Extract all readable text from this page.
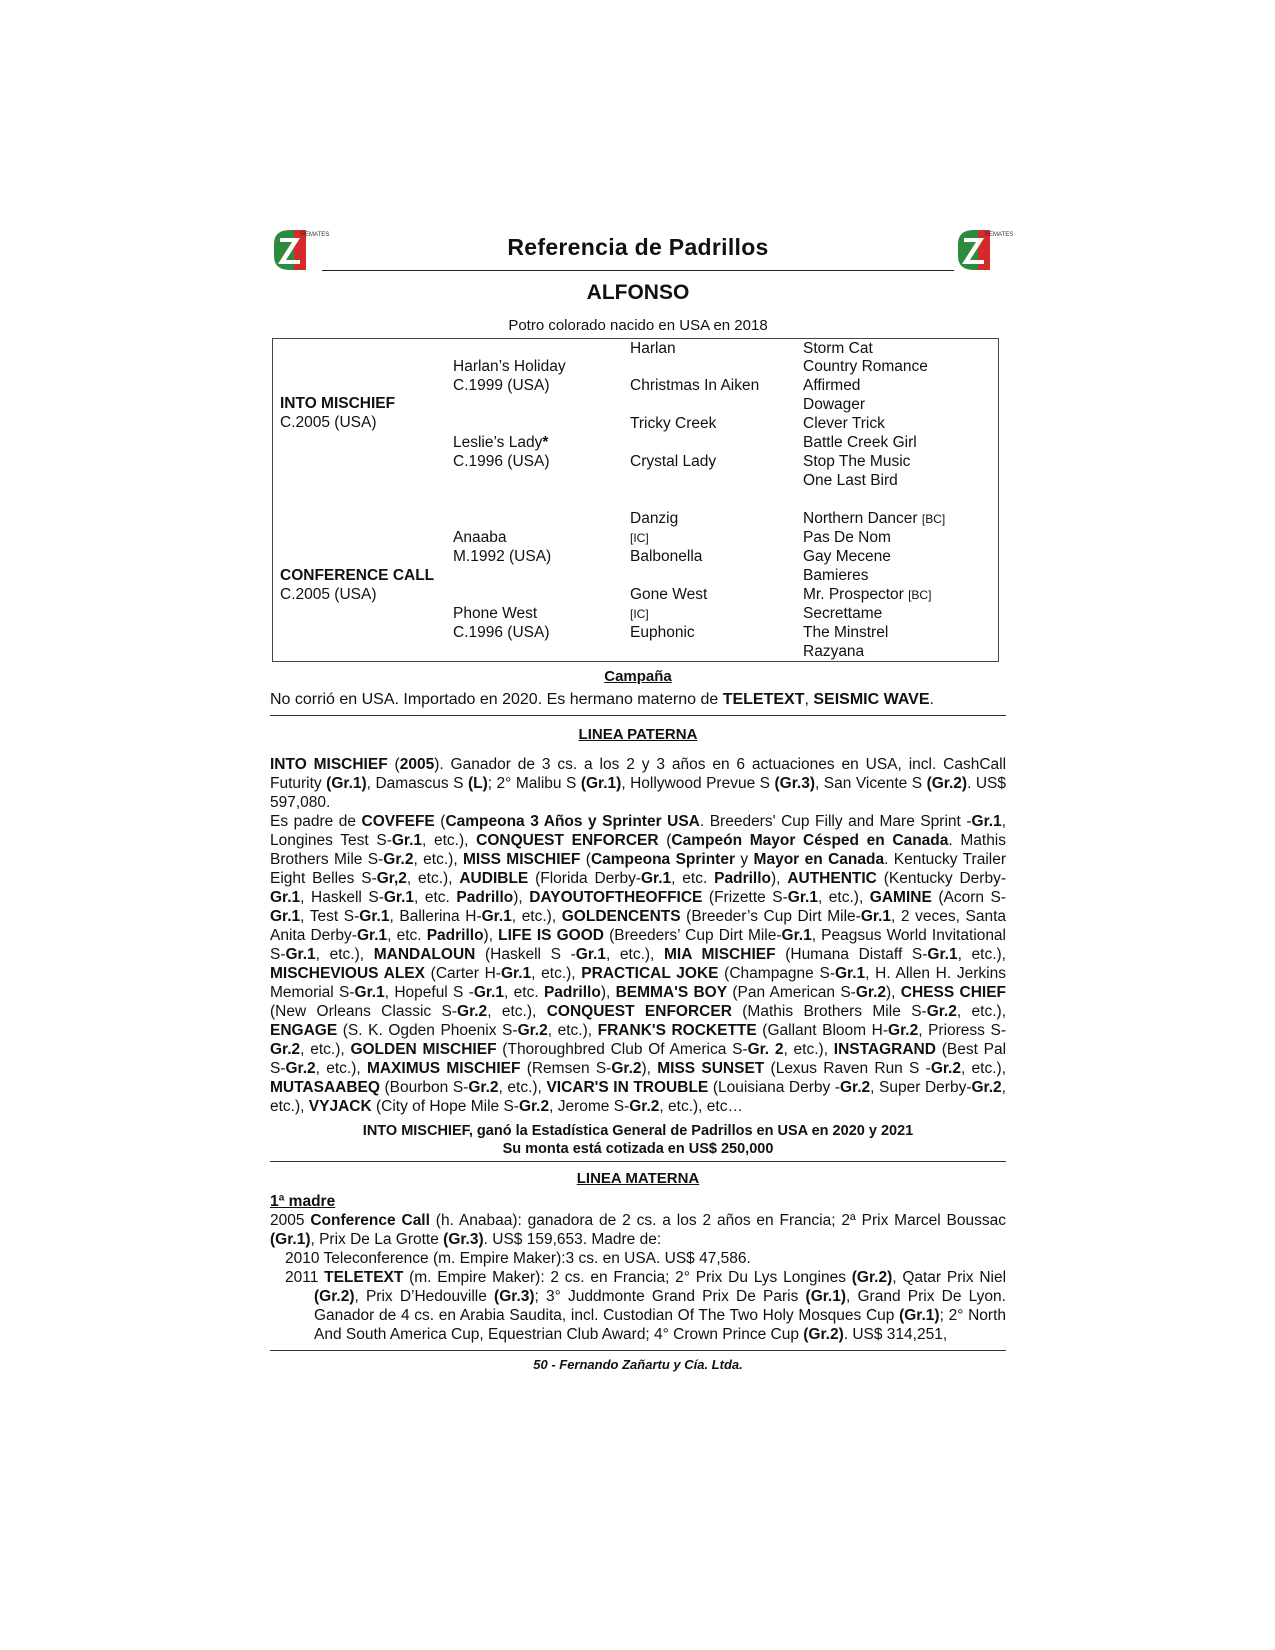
REMATES	Referencia de Padrillos	REMATES
ALFONSO
Potro colorado nacido en USA en 2018
INTO MISCHIEF
C.2005 (USA)
CONFERENCE CALL
C.2005 (USA)
Harlan’s Holiday
C.1999 (USA)
Leslie’s Lady*
C.1996 (USA)
Anaaba
M.1992 (USA)
Phone West
C.1996 (USA)
Harlan
Christmas In Aiken
Tricky Creek
Crystal Lady
Danzig
[IC]
Balbonella
Gone West
[IC]
Euphonic
Storm Cat
Country Romance
Affirmed
Dowager
Clever Trick
Battle Creek Girl
Stop The Music
One Last Bird
Northern Dancer [BC]
Pas De Nom
Gay Mecene
Bamieres
Mr. Prospector [BC]
Secrettame
The Minstrel
Razyana
Campaña
No corrió en USA. Importado en 2020. Es hermano materno de TELETEXT, SEISMIC WAVE.
LINEA PATERNA
INTO MISCHIEF (2005). Ganador de 3 cs. a los 2 y 3 años en 6 actuaciones en USA, incl. CashCall Futurity (Gr.1), Damascus S (L); 2° Malibu S (Gr.1), Hollywood Prevue S (Gr.3), San Vicente S (Gr.2). US$ 597,080.
Es padre de COVFEFE (Campeona 3 Años y Sprinter USA. Breeders' Cup Filly and Mare Sprint -Gr.1, Longines Test S-Gr.1, etc.), CONQUEST ENFORCER (Campeón Mayor Césped en Canada. Mathis Brothers Mile S-Gr.2, etc.), MISS MISCHIEF (Campeona Sprinter y Mayor en Canada. Kentucky Trailer Eight Belles S-Gr,2, etc.), AUDIBLE (Florida Derby-Gr.1, etc. Padrillo), AUTHENTIC (Kentucky Derby-Gr.1, Haskell S-Gr.1, etc. Padrillo), DAYOUTOFTHEOFFICE (Frizette S-Gr.1, etc.), GAMINE (Acorn S-Gr.1, Test S-Gr.1, Ballerina H-Gr.1, etc.), GOLDENCENTS (Breeder’s Cup Dirt Mile-Gr.1, 2 veces, Santa Anita Derby-Gr.1, etc. Padrillo), LIFE IS GOOD (Breeders’ Cup Dirt Mile-Gr.1, Peagsus World Invitational S-Gr.1, etc.), MANDALOUN (Haskell S -Gr.1, etc.), MIA MISCHIEF (Humana Distaff S-Gr.1, etc.), MISCHEVIOUS ALEX (Carter H-Gr.1, etc.), PRACTICAL JOKE (Champagne S-Gr.1, H. Allen H. Jerkins Memorial S-Gr.1, Hopeful S -Gr.1, etc. Padrillo), BEMMA'S BOY (Pan American S-Gr.2), CHESS CHIEF (New Orleans Classic S-Gr.2, etc.), CONQUEST ENFORCER (Mathis Brothers Mile S-Gr.2, etc.), ENGAGE (S. K. Ogden Phoenix S-Gr.2, etc.), FRANK'S ROCKETTE (Gallant Bloom H-Gr.2, Prioress S-Gr.2, etc.), GOLDEN MISCHIEF (Thoroughbred Club Of America S-Gr. 2, etc.), INSTAGRAND (Best Pal S-Gr.2, etc.), MAXIMUS MISCHIEF (Remsen S-Gr.2), MISS SUNSET (Lexus Raven Run S -Gr.2, etc.), MUTASAABEQ (Bourbon S-Gr.2, etc.), VICAR'S IN TROUBLE (Louisiana Derby -Gr.2, Super Derby-Gr.2, etc.), VYJACK (City of Hope Mile S-Gr.2, Jerome S-Gr.2, etc.), etc…
INTO MISCHIEF, ganó la Estadística General de Padrillos en USA en 2020 y 2021
Su monta está cotizada en US$ 250,000
LINEA MATERNA
1ª madre
2005 Conference Call (h. Anabaa): ganadora de 2 cs. a los 2 años en Francia; 2ª Prix Marcel Boussac (Gr.1), Prix De La Grotte (Gr.3). US$ 159,653. Madre de:
2010 Teleconference (m. Empire Maker):3 cs. en USA. US$ 47,586.
2011 TELETEXT (m. Empire Maker): 2 cs. en Francia; 2° Prix Du Lys Longines (Gr.2), Qatar Prix Niel (Gr.2), Prix D’Hedouville (Gr.3); 3° Juddmonte Grand Prix De Paris (Gr.1), Grand Prix De Lyon. Ganador de 4 cs. en Arabia Saudita, incl. Custodian Of The Two Holy Mosques Cup (Gr.1); 2° North And South America Cup, Equestrian Club Award; 4° Crown Prince Cup (Gr.2). US$ 314,251,
50 - Fernando Zañartu y Cía. Ltda.
